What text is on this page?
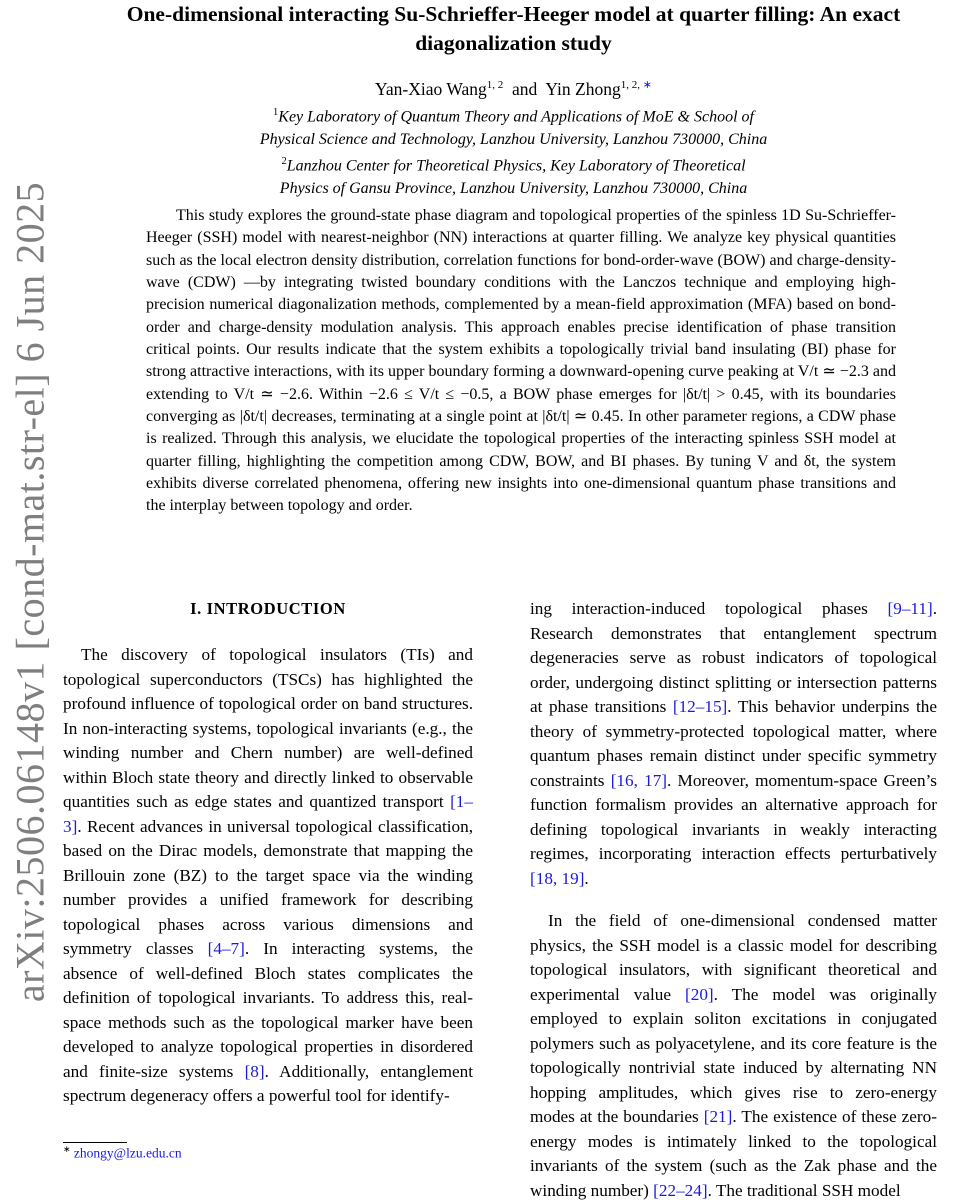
arXiv:2506.06148v1 [cond-mat.str-el] 6 Jun 2025
One-dimensional interacting Su-Schrieffer-Heeger model at quarter filling: An exact
diagonalization study
Yan-Xiao Wang$^{1, 2}$ and Yin Zhong$^{1, 2, ∗}$
$^1$Key Laboratory of Quantum Theory and Applications of MoE & School of
Physical Science and Technology, Lanzhou University, Lanzhou 730000, China
$^2$Lanzhou Center for Theoretical Physics, Key Laboratory of Theoretical
Physics of Gansu Province, Lanzhou University, Lanzhou 730000, China

This study explores the ground-state phase diagram and topological properties of the spinless 1D Su-Schrieffer-Heeger (SSH) model with nearest-neighbor (NN) interactions at quarter filling. We analyze key physical quantities such as the local electron density distribution, correlation functions for bond-order-wave (BOW) and charge-density-wave (CDW) —by integrating twisted boundary conditions with the Lanczos technique and employing high-precision numerical diagonalization methods, complemented by a mean-field approximation (MFA) based on bond-order and charge-density modulation analysis. This approach enables precise identification of phase transition critical points. Our results indicate that the system exhibits a topologically trivial band insulating (BI) phase for strong attractive interactions, with its upper boundary forming a downward-opening curve peaking at V/t ≃ −2.3 and extending to V/t ≃ −2.6. Within −2.6 ≤ V/t ≤ −0.5, a BOW phase emerges for |δt/t| > 0.45, with its boundaries converging as |δt/t| decreases, terminating at a single point at |δt/t| ≃ 0.45. In other parameter regions, a CDW phase is realized. Through this analysis, we elucidate the topological properties of the interacting spinless SSH model at quarter filling, highlighting the competition among CDW, BOW, and BI phases. By tuning V and δt, the system exhibits diverse correlated phenomena, offering new insights into one-dimensional quantum phase transitions and the interplay between topology and order.

I. INTRODUCTION

The discovery of topological insulators (TIs) and topological superconductors (TSCs) has highlighted the profound influence of topological order on band structures. In non-interacting systems, topological invariants (e.g., the winding number and Chern number) are well-defined within Bloch state theory and directly linked to observable quantities such as edge states and quantized transport [1–3]. Recent advances in universal topological classification, based on the Dirac models, demonstrate that mapping the Brillouin zone (BZ) to the target space via the winding number provides a unified framework for describing topological phases across various dimensions and symmetry classes [4–7]. In interacting systems, the absence of well-defined Bloch states complicates the definition of topological invariants. To address this, real-space methods such as the topological marker have been developed to analyze topological properties in disordered and finite-size systems [8]. Additionally, entanglement spectrum degeneracy offers a powerful tool for identify-

ing interaction-induced topological phases [9–11]. Research demonstrates that entanglement spectrum degeneracies serve as robust indicators of topological order, undergoing distinct splitting or intersection patterns at phase transitions [12–15]. This behavior underpins the theory of symmetry-protected topological matter, where quantum phases remain distinct under specific symmetry constraints [16, 17]. Moreover, momentum-space Green’s function formalism provides an alternative approach for defining topological invariants in weakly interacting regimes, incorporating interaction effects perturbatively [18, 19].

In the field of one-dimensional condensed matter physics, the SSH model is a classic model for describing topological insulators, with significant theoretical and experimental value [20]. The model was originally employed to explain soliton excitations in conjugated polymers such as polyacetylene, and its core feature is the topologically nontrivial state induced by alternating NN hopping amplitudes, which gives rise to zero-energy modes at the boundaries [21]. The existence of these zero-energy modes is intimately linked to the topological invariants of the system (such as the Zak phase and the winding number) [22–24]. The traditional SSH model

∗ zhongy@lzu.edu.cn
